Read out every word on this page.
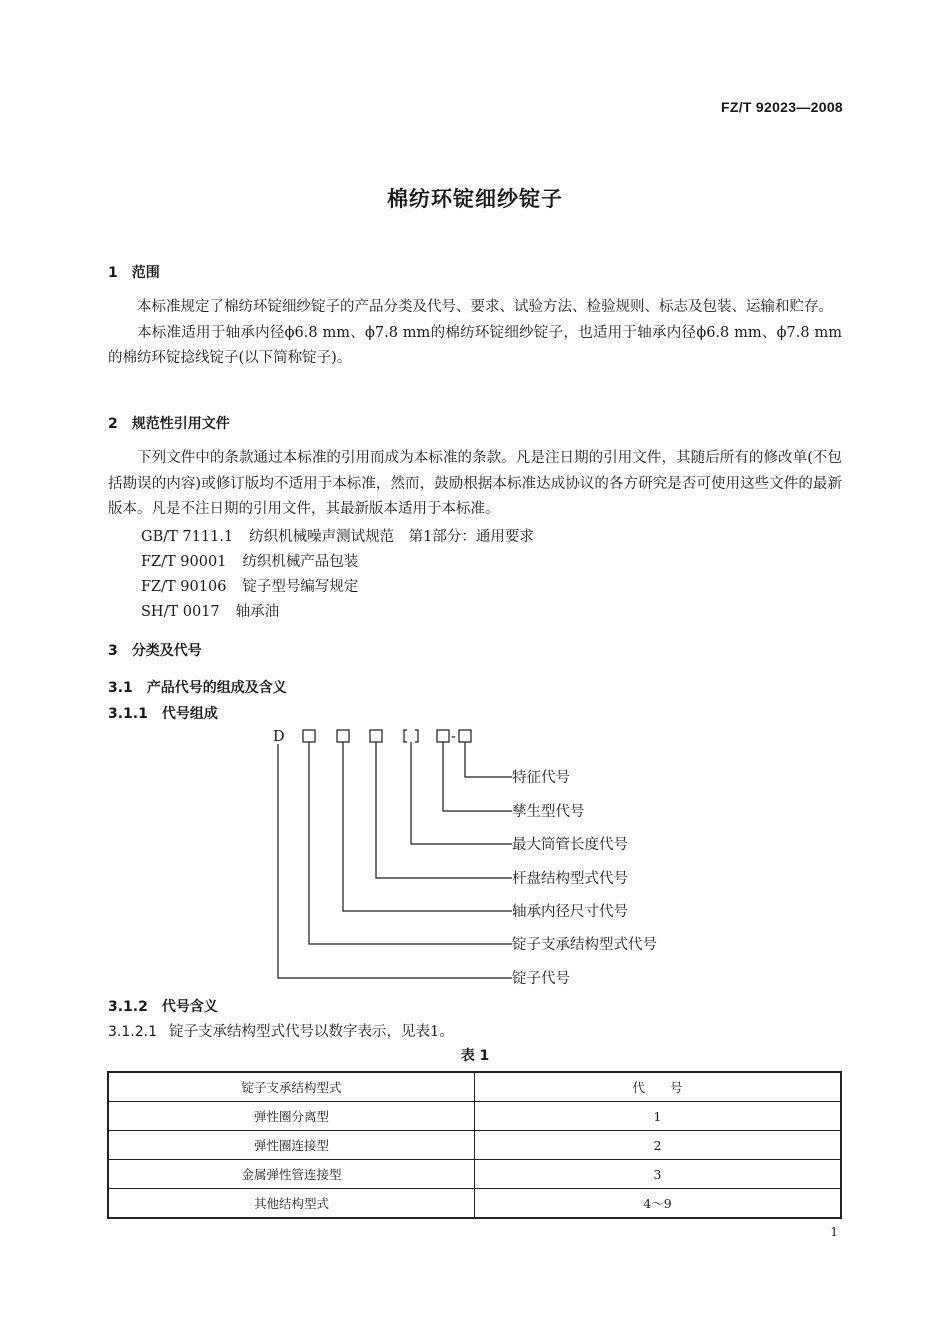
FZ/T 92023—2008
棉纺环锭细纱锭子
1 范围

本标准规定了棉纺环锭细纱锭子的产品分类及代号、要求、试验方法、检验规则、标志及包装、运输和贮存。

本标准适用于轴承内径ϕ6.8 mm、ϕ7.8 mm的棉纺环锭细纱锭子，也适用于轴承内径ϕ6.8 mm、ϕ7.8 mm的棉纺环锭捻线锭子(以下简称锭子)。

2 规范性引用文件

下列文件中的条款通过本标准的引用而成为本标准的条款。凡是注日期的引用文件，其随后所有的修改单(不包括勘误的内容)或修订版均不适用于本标准，然而，鼓励根据本标准达成协议的各方研究是否可使用这些文件的最新版本。凡是不注日期的引用文件，其最新版本适用于本标准。

GB/T 7111.1 纺织机械噪声测试规范　第1部分：通用要求
FZ/T 90001 纺织机械产品包装
FZ/T 90106 锭子型号编写规定
SH/T 0017 轴承油
3 分类及代号
3.1 产品代号的组成及含义
3.1.1 代号组成
D	-
特征代号
孳生型代号
最大筒管长度代号
杆盘结构型式代号
轴承内径尺寸代号
锭子支承结构型式代号
锭子代号
3.1.2 代号含义
3.1.2.1 锭子支承结构型式代号以数字表示，见表1。
表 1
锭子支承结构型式	代　　号
弹性圈分离型	1
弹性圈连接型	2
金属弹性管连接型	3
其他结构型式	4～9
1
